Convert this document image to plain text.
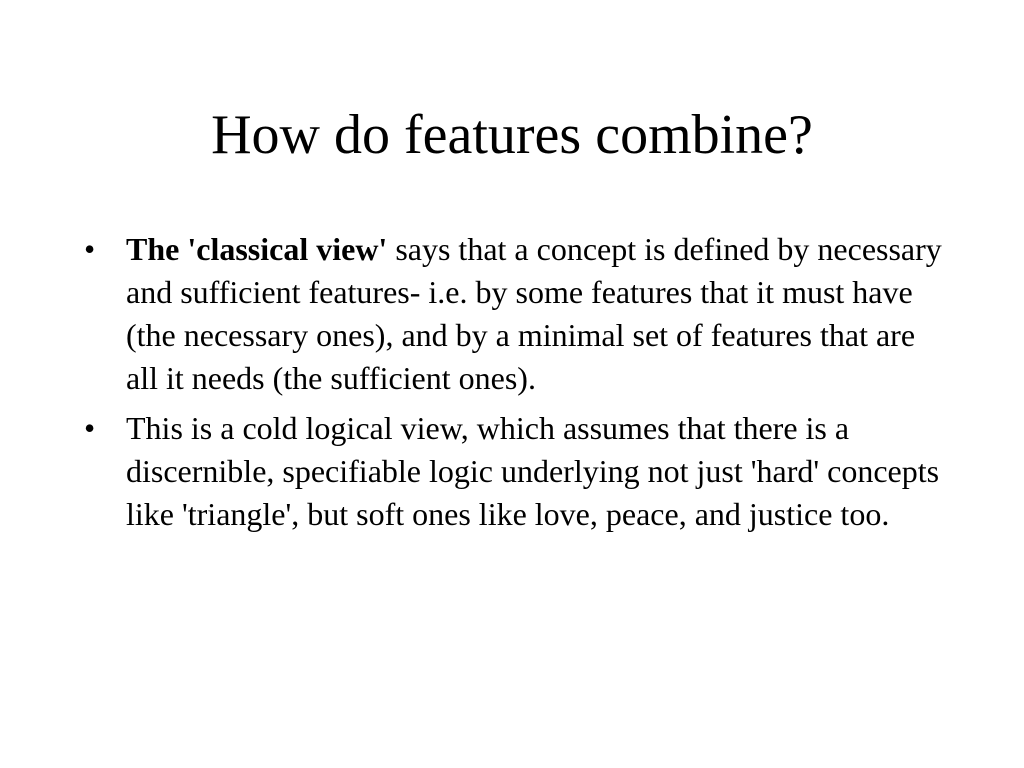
How do features combine?
• The 'classical view' says that a concept is defined by necessary and sufficient features- i.e. by some features that it must have (the necessary ones), and by a minimal set of features that are all it needs (the sufficient ones).
• This is a cold logical view, which assumes that there is a discernible, specifiable logic underlying not just 'hard' concepts like 'triangle', but soft ones like love, peace, and justice too.
